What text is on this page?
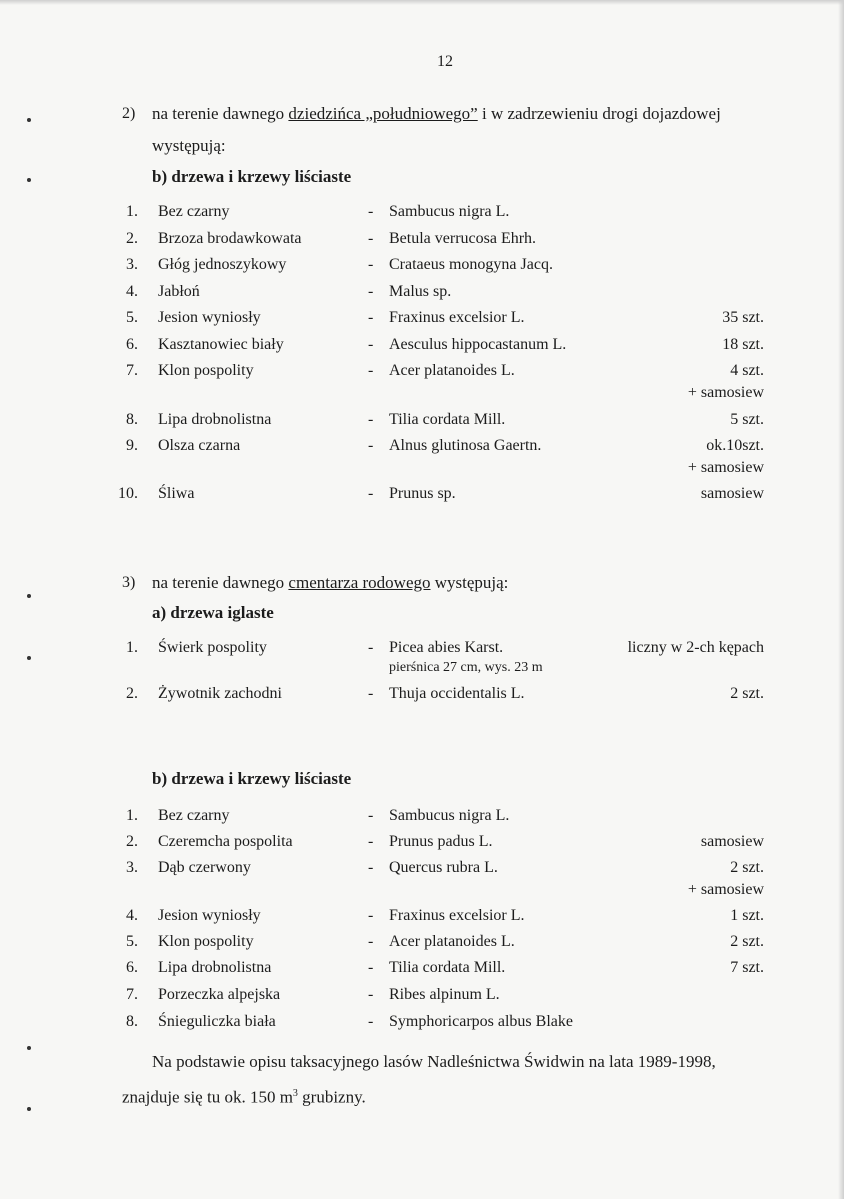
12
2) na terenie dawnego dziedzińca „południowego” i w zadrzewieniu drogi dojazdowej
występują:
b) drzewa i krzewy liściaste
1. Bez czarny	- Sambucus nigra L.
2. Brzoza brodawkowata	- Betula verrucosa Ehrh.
3. Głóg jednoszykowy	- Crataeus monogyna Jacq.
4. Jabłoń	- Malus sp.
5. Jesion wyniosły	- Fraxinus excelsior L.	35 szt.
6. Kasztanowiec biały	- Aesculus hippocastanum L.	18 szt.
7. Klon pospolity	- Acer platanoides L.	4 szt.
+ samosiew
8. Lipa drobnolistna	- Tilia cordata Mill.	5 szt.
9. Olsza czarna	- Alnus glutinosa Gaertn.	ok.10szt.
+ samosiew
10. Śliwa	- Prunus sp.	samosiew
3) na terenie dawnego cmentarza rodowego występują:
a) drzewa iglaste
1. Świerk pospolity	- Picea abies Karst.
pierśnica 27 cm, wys. 23 m
liczny w 2-ch kępach
2. Żywotnik zachodni	- Thuja occidentalis L.	2 szt.
b) drzewa i krzewy liściaste
1. Bez czarny	- Sambucus nigra L.
2. Czeremcha pospolita	- Prunus padus L.	samosiew
3. Dąb czerwony	- Quercus rubra L.	2 szt.
+ samosiew
4. Jesion wyniosły	- Fraxinus excelsior L.	1 szt.
5. Klon pospolity	- Acer platanoides L.	2 szt.
6. Lipa drobnolistna	- Tilia cordata Mill.	7 szt.
7. Porzeczka alpejska	- Ribes alpinum L.
8. Śnieguliczka biała	- Symphoricarpos albus Blake
Na podstawie opisu taksacyjnego lasów Nadleśnictwa Świdwin na lata 1989-1998,
znajduje się tu ok. 150 $m^3$ grubizny.
